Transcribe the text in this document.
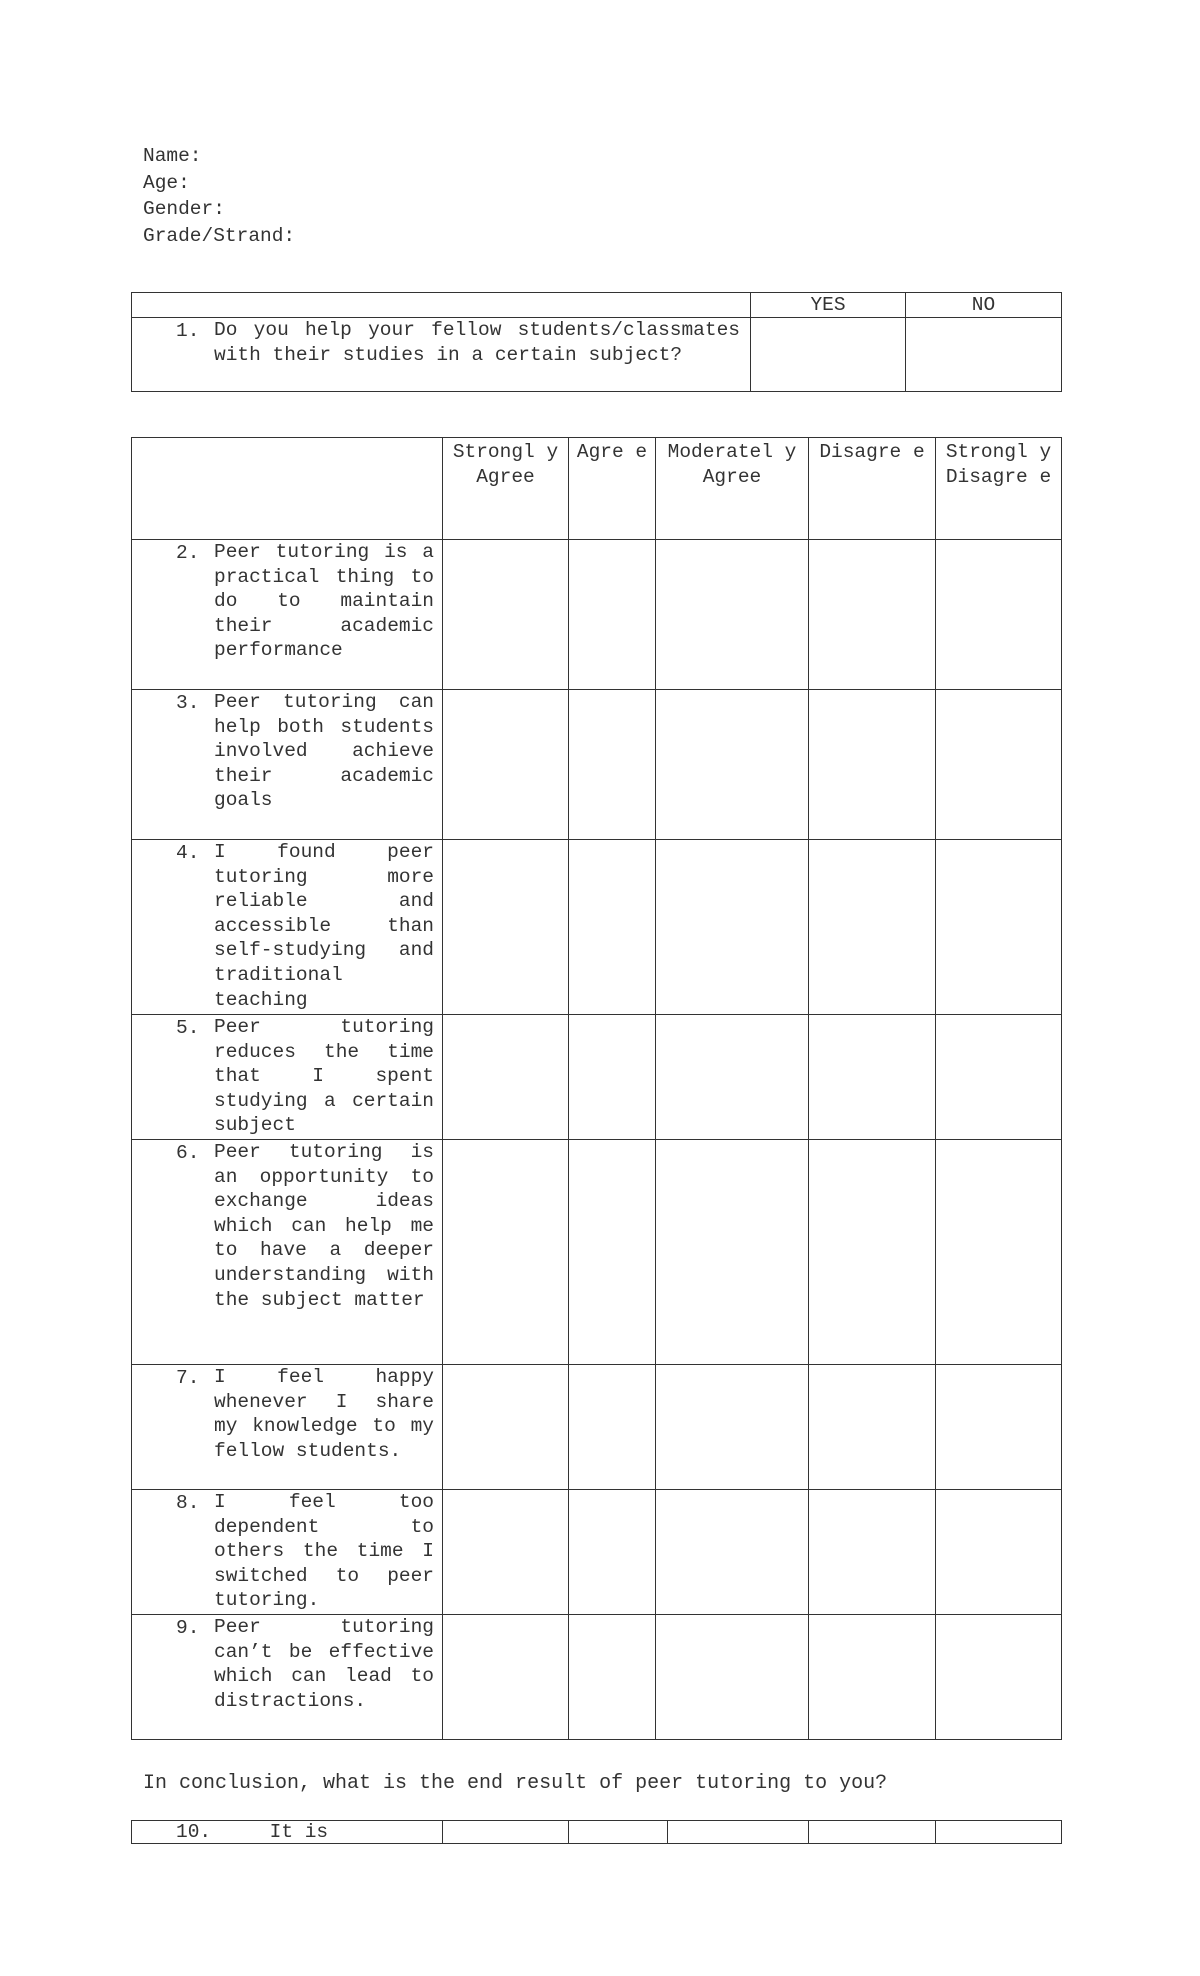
Name:
Age:
Gender:
Grade/Strand:
	YES	NO

1. Do you help your fellow students/classmates with their studies in a certain subject?		

	Strongl y Agree	Agre e	Moderatel y Agree	Disagre e	Strongl y Disagre e

2. Peer tutoring is a practical thing to do to maintain their academic performance					

3. Peer tutoring can help both students involved achieve their academic goals					

4. I found peer tutoring more reliable and accessible than self-studying and traditional teaching					

5. Peer tutoring reduces the time that I spent studying a certain subject					

6. Peer tutoring is an opportunity to exchange ideas which can help me to have a deeper understanding with the subject matter					

7. I feel happy whenever I share my knowledge to my fellow students.					

8. I feel too dependent to others the time I switched to peer tutoring.					

9. Peer tutoring can’t be effective which can lead to distractions.					

In conclusion, what is the end result of peer tutoring to you?
10.     It is					
